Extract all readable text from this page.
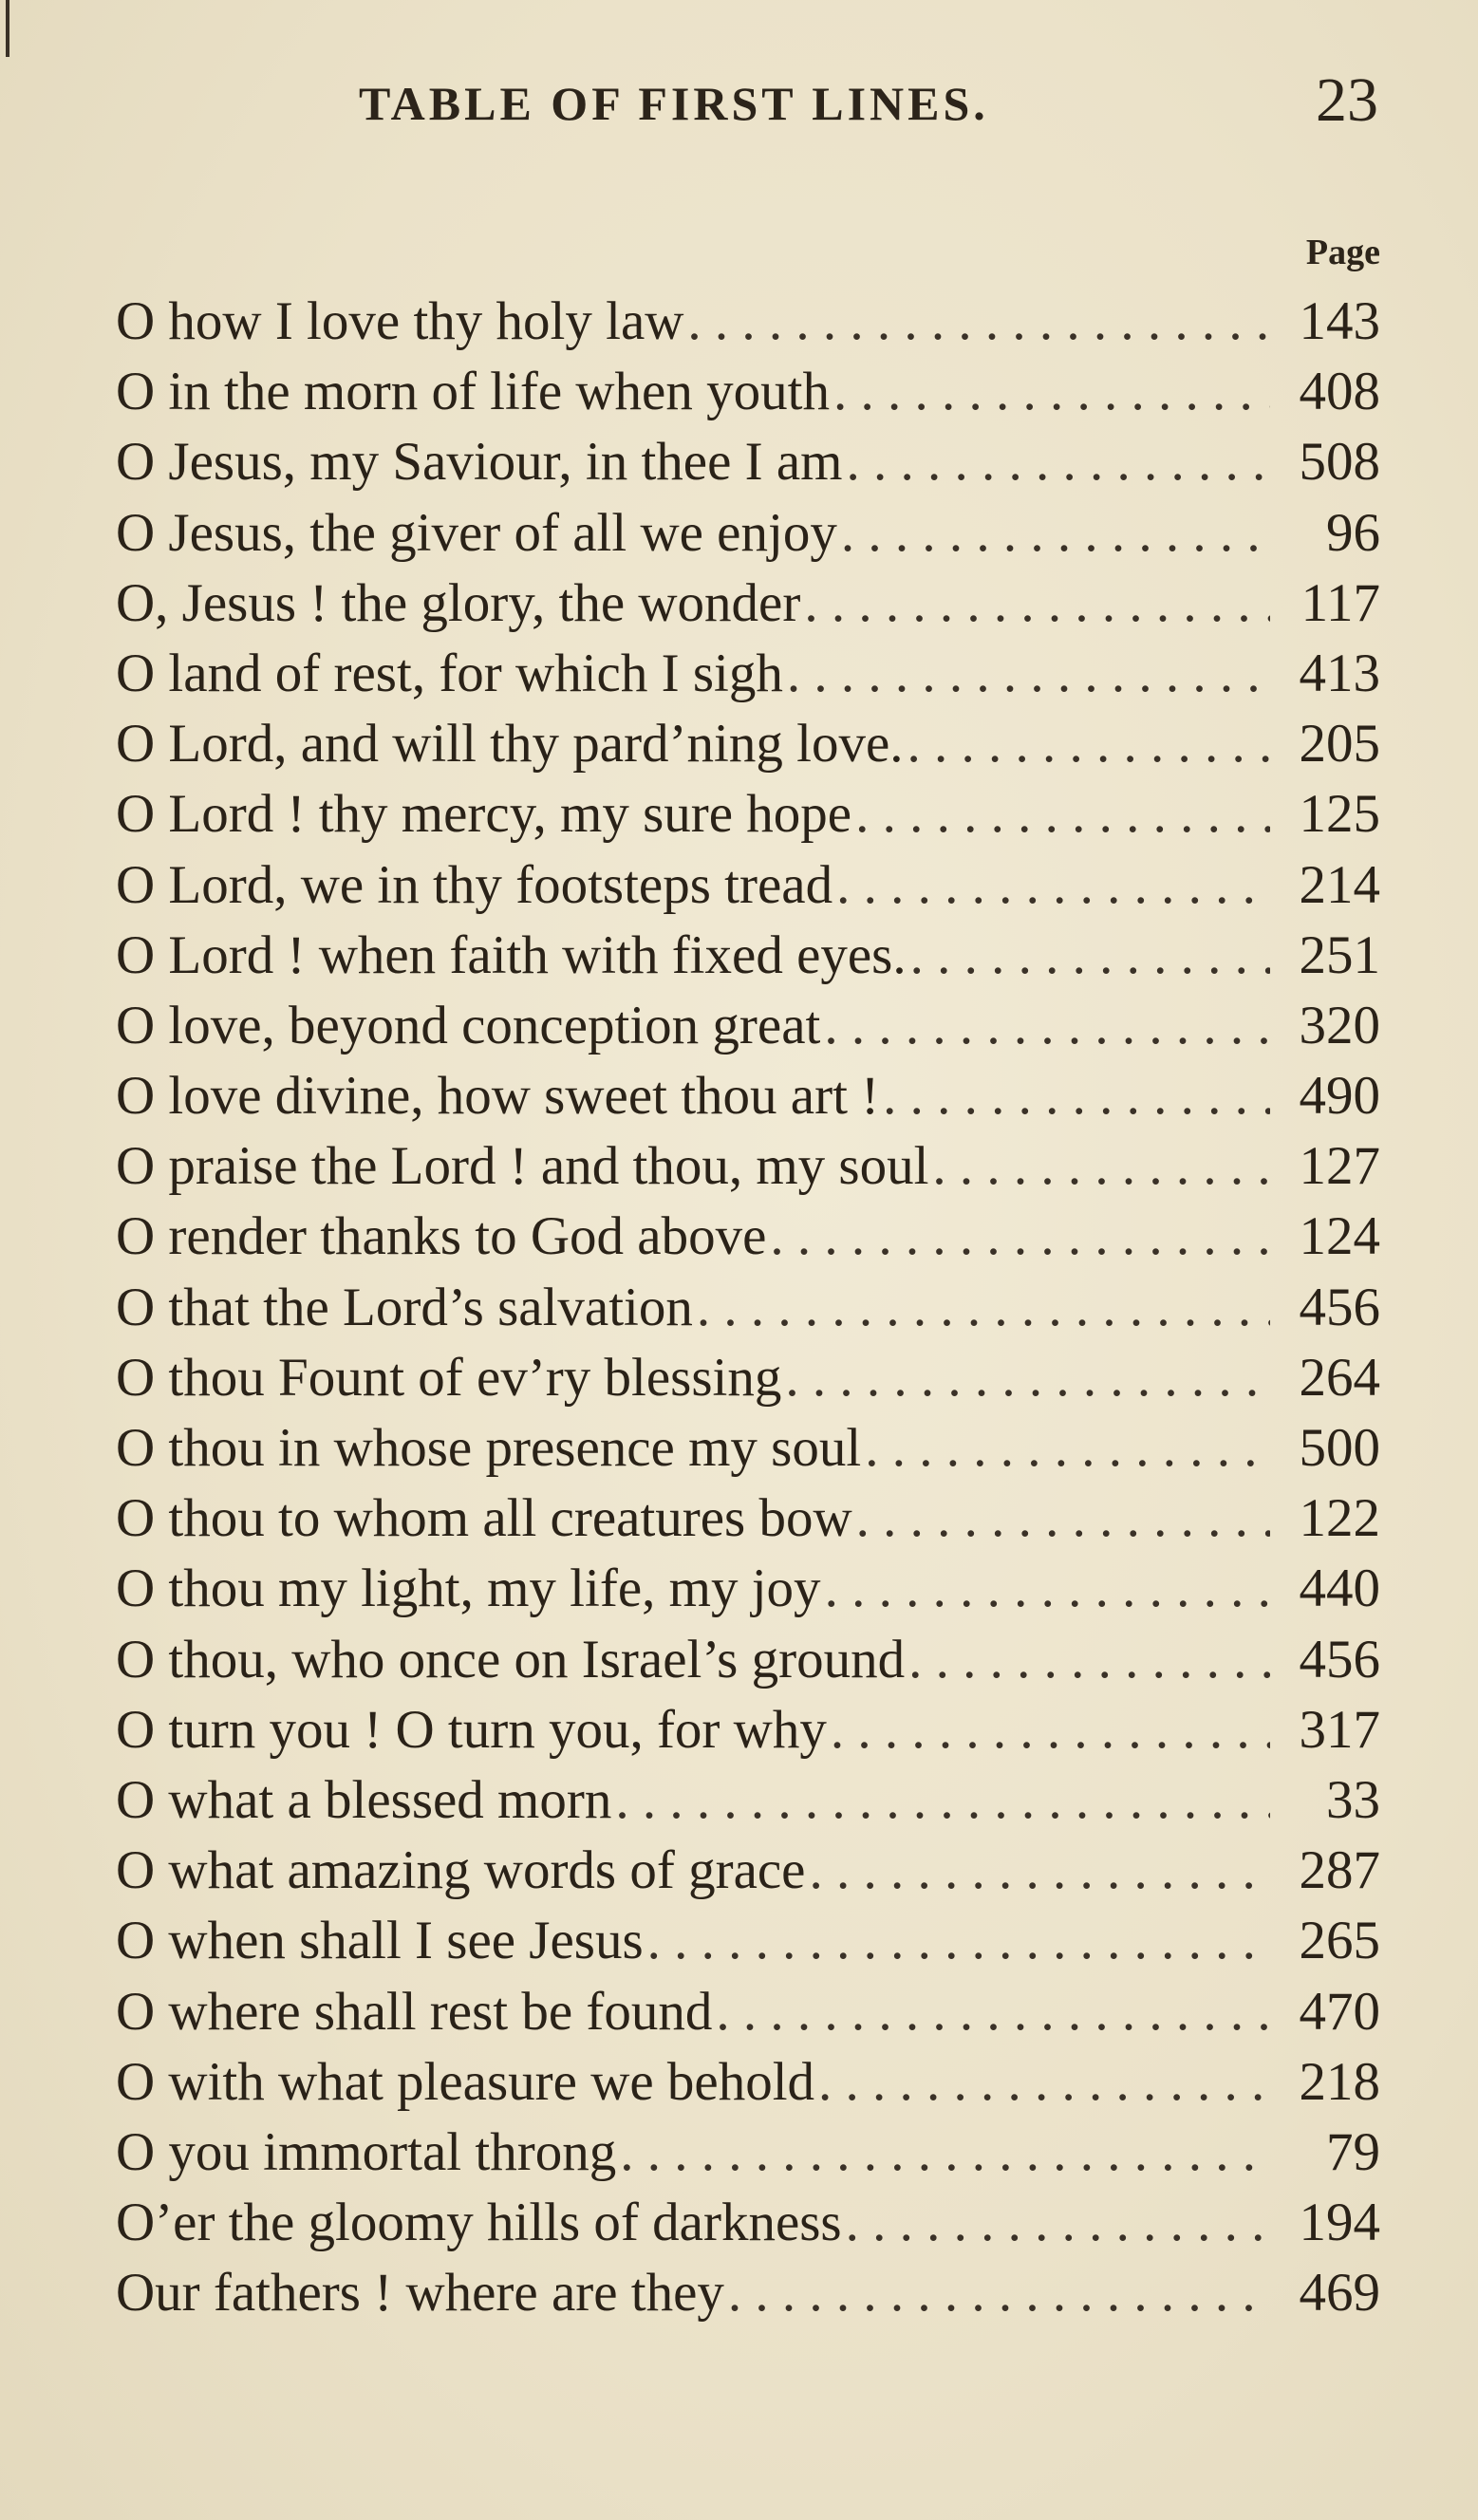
TABLE OF FIRST LINES.	23
Page
O how I love thy holy law . . .	143
O in the morn of life when youth . . .	408
O Jesus, my Saviour, in thee I am . . .	508
O Jesus, the giver of all we enjoy . . .	96
O, Jesus ! the glory, the wonder . . .	117
O land of rest, for which I sigh . . .	413
O Lord, and will thy pard’ning love. . . .	205
O Lord ! thy mercy, my sure hope . . .	125
O Lord, we in thy footsteps tread . . .	214
O Lord ! when faith with fixed eyes. . . .	251
O love, beyond conception great . . .	320
O love divine, how sweet thou art ! . . .	490
O praise the Lord ! and thou, my soul . . .	127
O render thanks to God above . . .	124
O that the Lord’s salvation . . .	456
O thou Fount of ev’ry blessing . . .	264
O thou in whose presence my soul . . .	500
O thou to whom all creatures bow . . .	122
O thou my light, my life, my joy . . .	440
O thou, who once on Israel’s ground . . .	456
O turn you ! O turn you, for why . . .	317
O what a blessed morn . . .	33
O what amazing words of grace . . .	287
O when shall I see Jesus . . .	265
O where shall rest be found . . .	470
O with what pleasure we behold . . .	218
O you immortal throng . . .	79
O’er the gloomy hills of darkness . . .	194
Our fathers ! where are they . . .	469
